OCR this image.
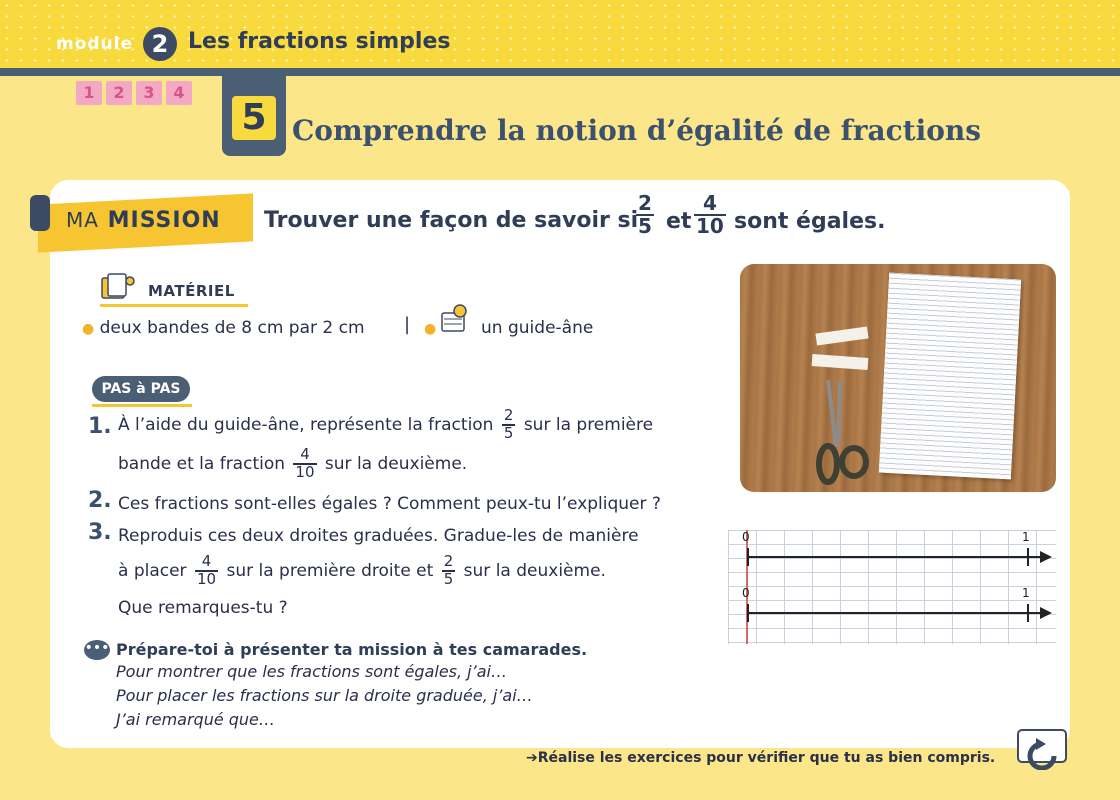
module 2 Les fractions simples
1	2	3	4
5 Comprendre la notion d’égalité de fractions
MA MISSION Trouver une façon de savoir si
$\frac{2}{5}$ et $\frac{4}{10}$ sont égales.
MATÉRIEL
● deux bandes de 8 cm par 2 cm | ●	un guide-âne
PAS à PAS
1. À l’aide du guide-âne, représente la fraction $\frac{2}{5}$ sur la première
bande et la fraction $\frac{4}{10}$ sur la deuxième.
2. Ces fractions sont-elles égales ? Comment peux-tu l’expliquer ?
3. Reproduis ces deux droites graduées. Gradue-les de manière
à placer $\frac{4}{10}$ sur la première droite et $\frac{2}{5}$ sur la deuxième.
Que remarques-tu ?
0	1
0	1
••• Prépare-toi à présenter ta mission à tes camarades.
Pour montrer que les fractions sont égales, j’ai…
Pour placer les fractions sur la droite graduée, j’ai…
J’ai remarqué que…
➔Réalise les exercices pour vérifier que tu as bien compris.
